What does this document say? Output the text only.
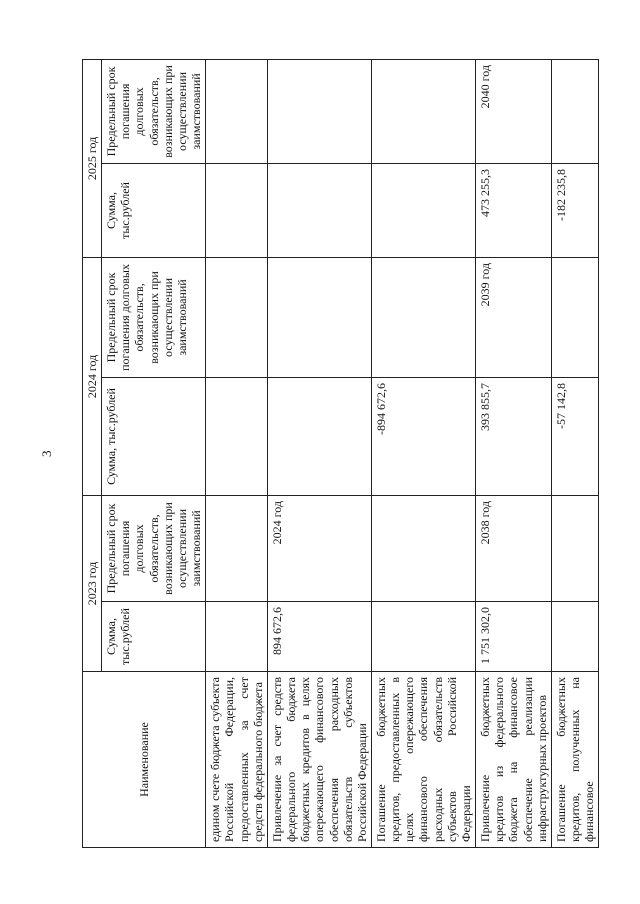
3
Наименование	2023 год		2024 год		2025 год	
	Сумма, тыс.рублей	Предельный срок погашения долговых обязательств, возникающих при осуществлении заимствований	Сумма, тыс.рублей	Предельный срок погашения долговых обязательств, возникающих при осуществлении заимствований	Сумма, тыс.рублей	Предельный срок погашения долговых обязательств, возникающих при осуществлении заимствований
едином счете бюджета субъекта Российской Федерации, предоставленных за счет средств федерального бюджета						
Привлечение за счет средств федерального бюджета бюджетных кредитов в целях опережающего финансового обеспечения расходных обязательств субъектов Российской Федерации	894 672,6	2024 год				
Погашение бюджетных кредитов, предоставленных в целях опережающего финансового обеспечения расходных обязательств субъектов Российской Федерации			-894 672,6			
Привлечение бюджетных кредитов из федерального бюджета на финансовое обеспечение реализации инфраструктурных проектов	1 751 302,0	2038 год	393 855,7	2039 год	473 255,3	2040 год
Погашение бюджетных кредитов, полученных на финансовое			-57 142,8		-182 235,8	
